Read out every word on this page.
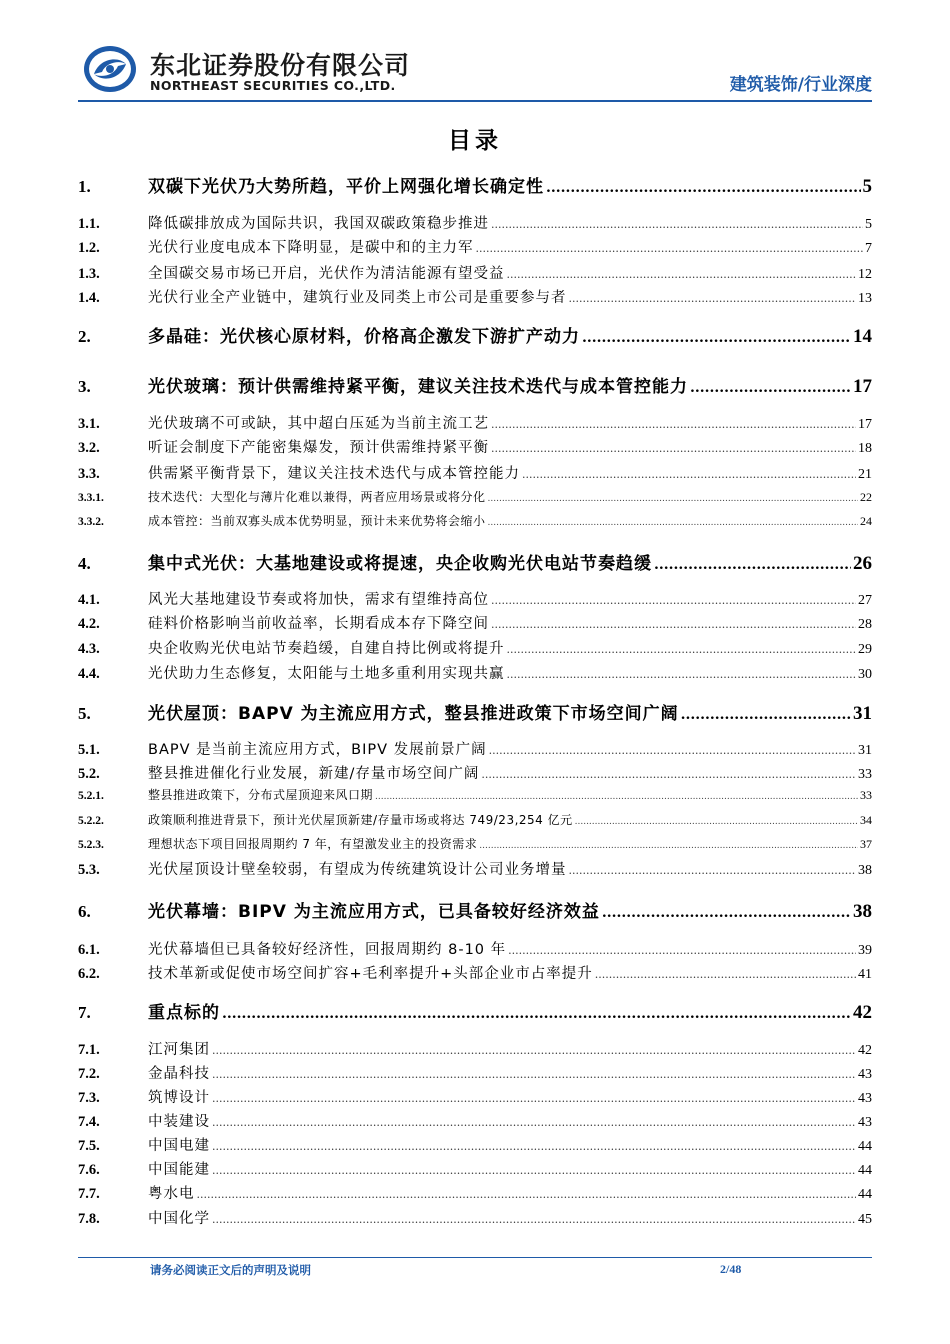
东北证券股份有限公司
NORTHEAST SECURITIES CO.,LTD.	建筑装饰/行业深度
目录
1.	双碳下光伏乃大势所趋，平价上网强化增长确定性 .....	5
1.1.	降低碳排放成为国际共识，我国双碳政策稳步推进 .....	5
1.2.	光伏行业度电成本下降明显，是碳中和的主力军 .....	7
1.3.	全国碳交易市场已开启，光伏作为清洁能源有望受益 .....	12
1.4.	光伏行业全产业链中，建筑行业及同类上市公司是重要参与者 .....	13
2.	多晶硅：光伏核心原材料，价格高企激发下游扩产动力 .....	14
3.	光伏玻璃：预计供需维持紧平衡，建议关注技术迭代与成本管控能力 .....	17
3.1.	光伏玻璃不可或缺，其中超白压延为当前主流工艺 .....	17
3.2.	听证会制度下产能密集爆发，预计供需维持紧平衡 .....	18
3.3.	供需紧平衡背景下，建议关注技术迭代与成本管控能力 .....	21
3.3.1.	技术迭代：大型化与薄片化难以兼得，两者应用场景或将分化 .....	22
3.3.2.	成本管控：当前双寡头成本优势明显，预计未来优势将会缩小 .....	24
4.	集中式光伏：大基地建设或将提速，央企收购光伏电站节奏趋缓 .....	26
4.1.	风光大基地建设节奏或将加快，需求有望维持高位 .....	27
4.2.	硅料价格影响当前收益率，长期看成本存下降空间 .....	28
4.3.	央企收购光伏电站节奏趋缓，自建自持比例或将提升 .....	29
4.4.	光伏助力生态修复，太阳能与土地多重利用实现共赢 .....	30
5.	光伏屋顶：BAPV 为主流应用方式，整县推进政策下市场空间广阔 .....	31
5.1.	BAPV 是当前主流应用方式，BIPV 发展前景广阔 .....	31
5.2.	整县推进催化行业发展，新建/存量市场空间广阔 .....	33
5.2.1.	整县推进政策下，分布式屋顶迎来风口期 .....	33
5.2.2.	政策顺利推进背景下，预计光伏屋顶新建/存量市场或将达 749/23,254 亿元 .....	34
5.2.3.	理想状态下项目回报周期约 7 年，有望激发业主的投资需求 .....	37
5.3.	光伏屋顶设计壁垒较弱，有望成为传统建筑设计公司业务增量 .....	38
6.	光伏幕墙：BIPV 为主流应用方式，已具备较好经济效益 .....	38
6.1.	光伏幕墙但已具备较好经济性，回报周期约 8-10 年 .....	39
6.2.	技术革新或促使市场空间扩容+毛利率提升+头部企业市占率提升 .....	41
7.	重点标的 .....	42
7.1.	江河集团 .....	42
7.2.	金晶科技 .....	43
7.3.	筑博设计 .....	43
7.4.	中装建设 .....	43
7.5.	中国电建 .....	44
7.6.	中国能建 .....	44
7.7.	粤水电 .....	44
7.8.	中国化学 .....	45
请务必阅读正文后的声明及说明	2/48
